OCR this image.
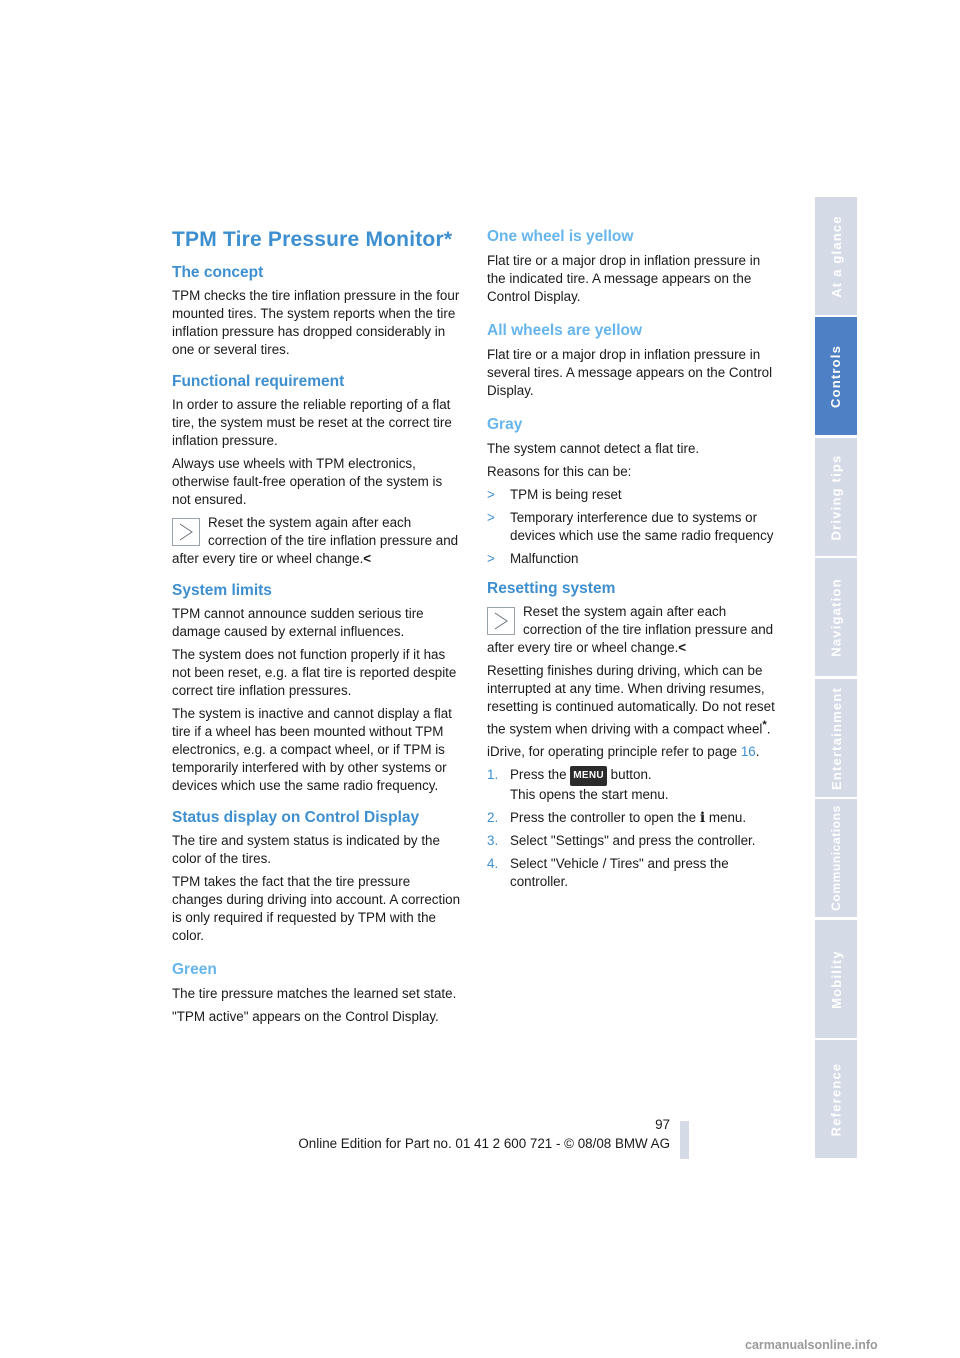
TPM Tire Pressure Monitor*
The concept

TPM checks the tire inflation pressure in the four mounted tires. The system reports when the tire inflation pressure has dropped considerably in one or several tires.

Functional requirement

In order to assure the reliable reporting of a flat tire, the system must be reset at the correct tire inflation pressure.

Always use wheels with TPM electronics, otherwise fault-free operation of the system is not ensured.

Reset the system again after each correction of the tire inflation pressure and after every tire or wheel change.<
System limits

TPM cannot announce sudden serious tire damage caused by external influences.

The system does not function properly if it has not been reset, e.g. a flat tire is reported despite correct tire inflation pressures.

The system is inactive and cannot display a flat tire if a wheel has been mounted without TPM electronics, e.g. a compact wheel, or if TPM is temporarily interfered with by other systems or devices which use the same radio frequency.

Status display on Control Display

The tire and system status is indicated by the color of the tires.

TPM takes the fact that the tire pressure changes during driving into account. A correction is only required if requested by TPM with the color.

Green

The tire pressure matches the learned set state.

"TPM active" appears on the Control Display.

One wheel is yellow

Flat tire or a major drop in inflation pressure in the indicated tire. A message appears on the Control Display.

All wheels are yellow

Flat tire or a major drop in inflation pressure in several tires. A message appears on the Control Display.

Gray

The system cannot detect a flat tire.

Reasons for this can be:

> TPM is being reset
> Temporary interference due to systems or devices which use the same radio frequency
> Malfunction
Resetting system
Reset the system again after each correction of the tire inflation pressure and after every tire or wheel change.<

Resetting finishes during driving, which can be interrupted at any time. When driving resumes, resetting is continued automatically. Do not reset the system when driving with a compact wheel*.

iDrive, for operating principle refer to page 16.

1. Press the MENU button.
This opens the start menu.
2. Press the controller to open the i menu.
3. Select "Settings" and press the controller.
4. Select "Vehicle / Tires" and press the controller.
At a glance
Controls
Driving tips
Navigation
Entertainment
Communications
Mobility
Reference
97
Online Edition for Part no. 01 41 2 600 721 - © 08/08 BMW AG
carmanualsonline.info
